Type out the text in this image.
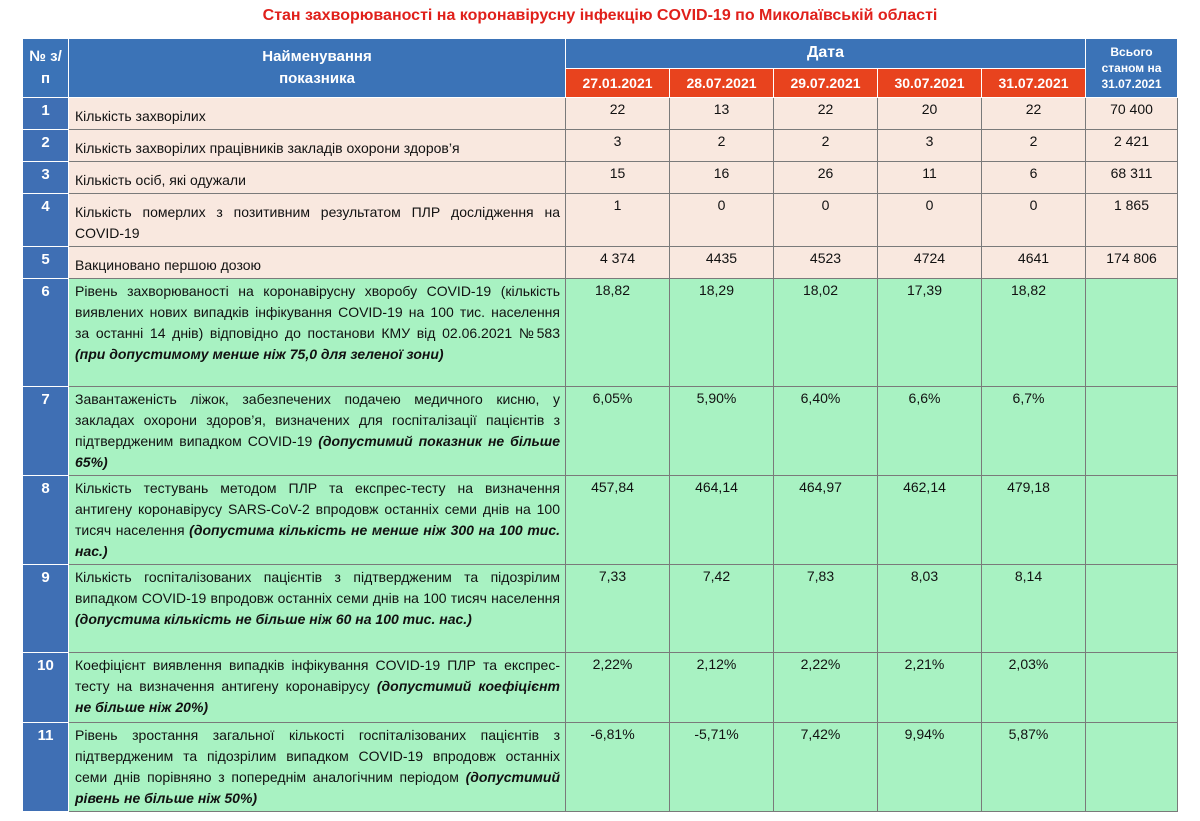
Стан захворюваності на коронавірусну інфекцію COVID-19 по Миколаївській області
№ з/п	Найменування показника	Дата					Всього станом на 31.07.2021
		27.01.2021	28.07.2021	29.07.2021	30.07.2021	31.07.2021	
1	Кількість захворілих	22	13	22	20	22	70 400

2	Кількість захворілих працівників закладів охорони здоров’я	3	2	2	3	2	2 421

3	Кількість осіб, які одужали	15	16	26	11	6	68 311

4	Кількість померлих з позитивним результатом ПЛР дослідження на COVID-19	1	0	0	0	0	1 865

5	Вакциновано першою дозою	4 374	4435	4523	4724	4641	174 806

6	Рівень захворюваності на коронавірусну хворобу COVID-19 (кількість виявлених нових випадків інфікування COVID-19 на 100 тис. населення за останні 14 днів) відповідно до постанови КМУ від 02.06.2021 №583 (при допустимому менше ніж 75,0 для зеленої зони)	18,82	18,29	18,02	17,39	18,82	

7	Завантаженість ліжок, забезпечених подачею медичного кисню, у закладах охорони здоров’я, визначених для госпіталізації пацієнтів з підтвердженим випадком COVID-19 (допустимий показник не більше 65%)	6,05%	5,90%	6,40%	6,6%	6,7%	

8	Кількість тестувань методом ПЛР та експрес-тесту на визначення антигену коронавірусу SARS-CoV-2 впродовж останніх семи днів на 100 тисяч населення (допустима кількість не менше ніж 300 на 100 тис. нас.)	457,84	464,14	464,97	462,14	479,18	

9	Кількість госпіталізованих пацієнтів з підтвердженим та підозрілим випадком COVID-19 впродовж останніх семи днів на 100 тисяч населення (допустима кількість не більше ніж 60 на 100 тис. нас.)	7,33	7,42	7,83	8,03	8,14	

10	Коефіцієнт виявлення випадків інфікування COVID-19 ПЛР та експрес-тесту на визначення антигену коронавірусу (допустимий коефіцієнт не більше ніж 20%)	2,22%	2,12%	2,22%	2,21%	2,03%	

11	Рівень зростання загальної кількості госпіталізованих пацієнтів з підтвердженим та підозрілим випадком COVID-19 впродовж останніх семи днів порівняно з попереднім аналогічним періодом (допустимий рівень не більше ніж 50%)	-6,81%	-5,71%	7,42%	9,94%	5,87%	
